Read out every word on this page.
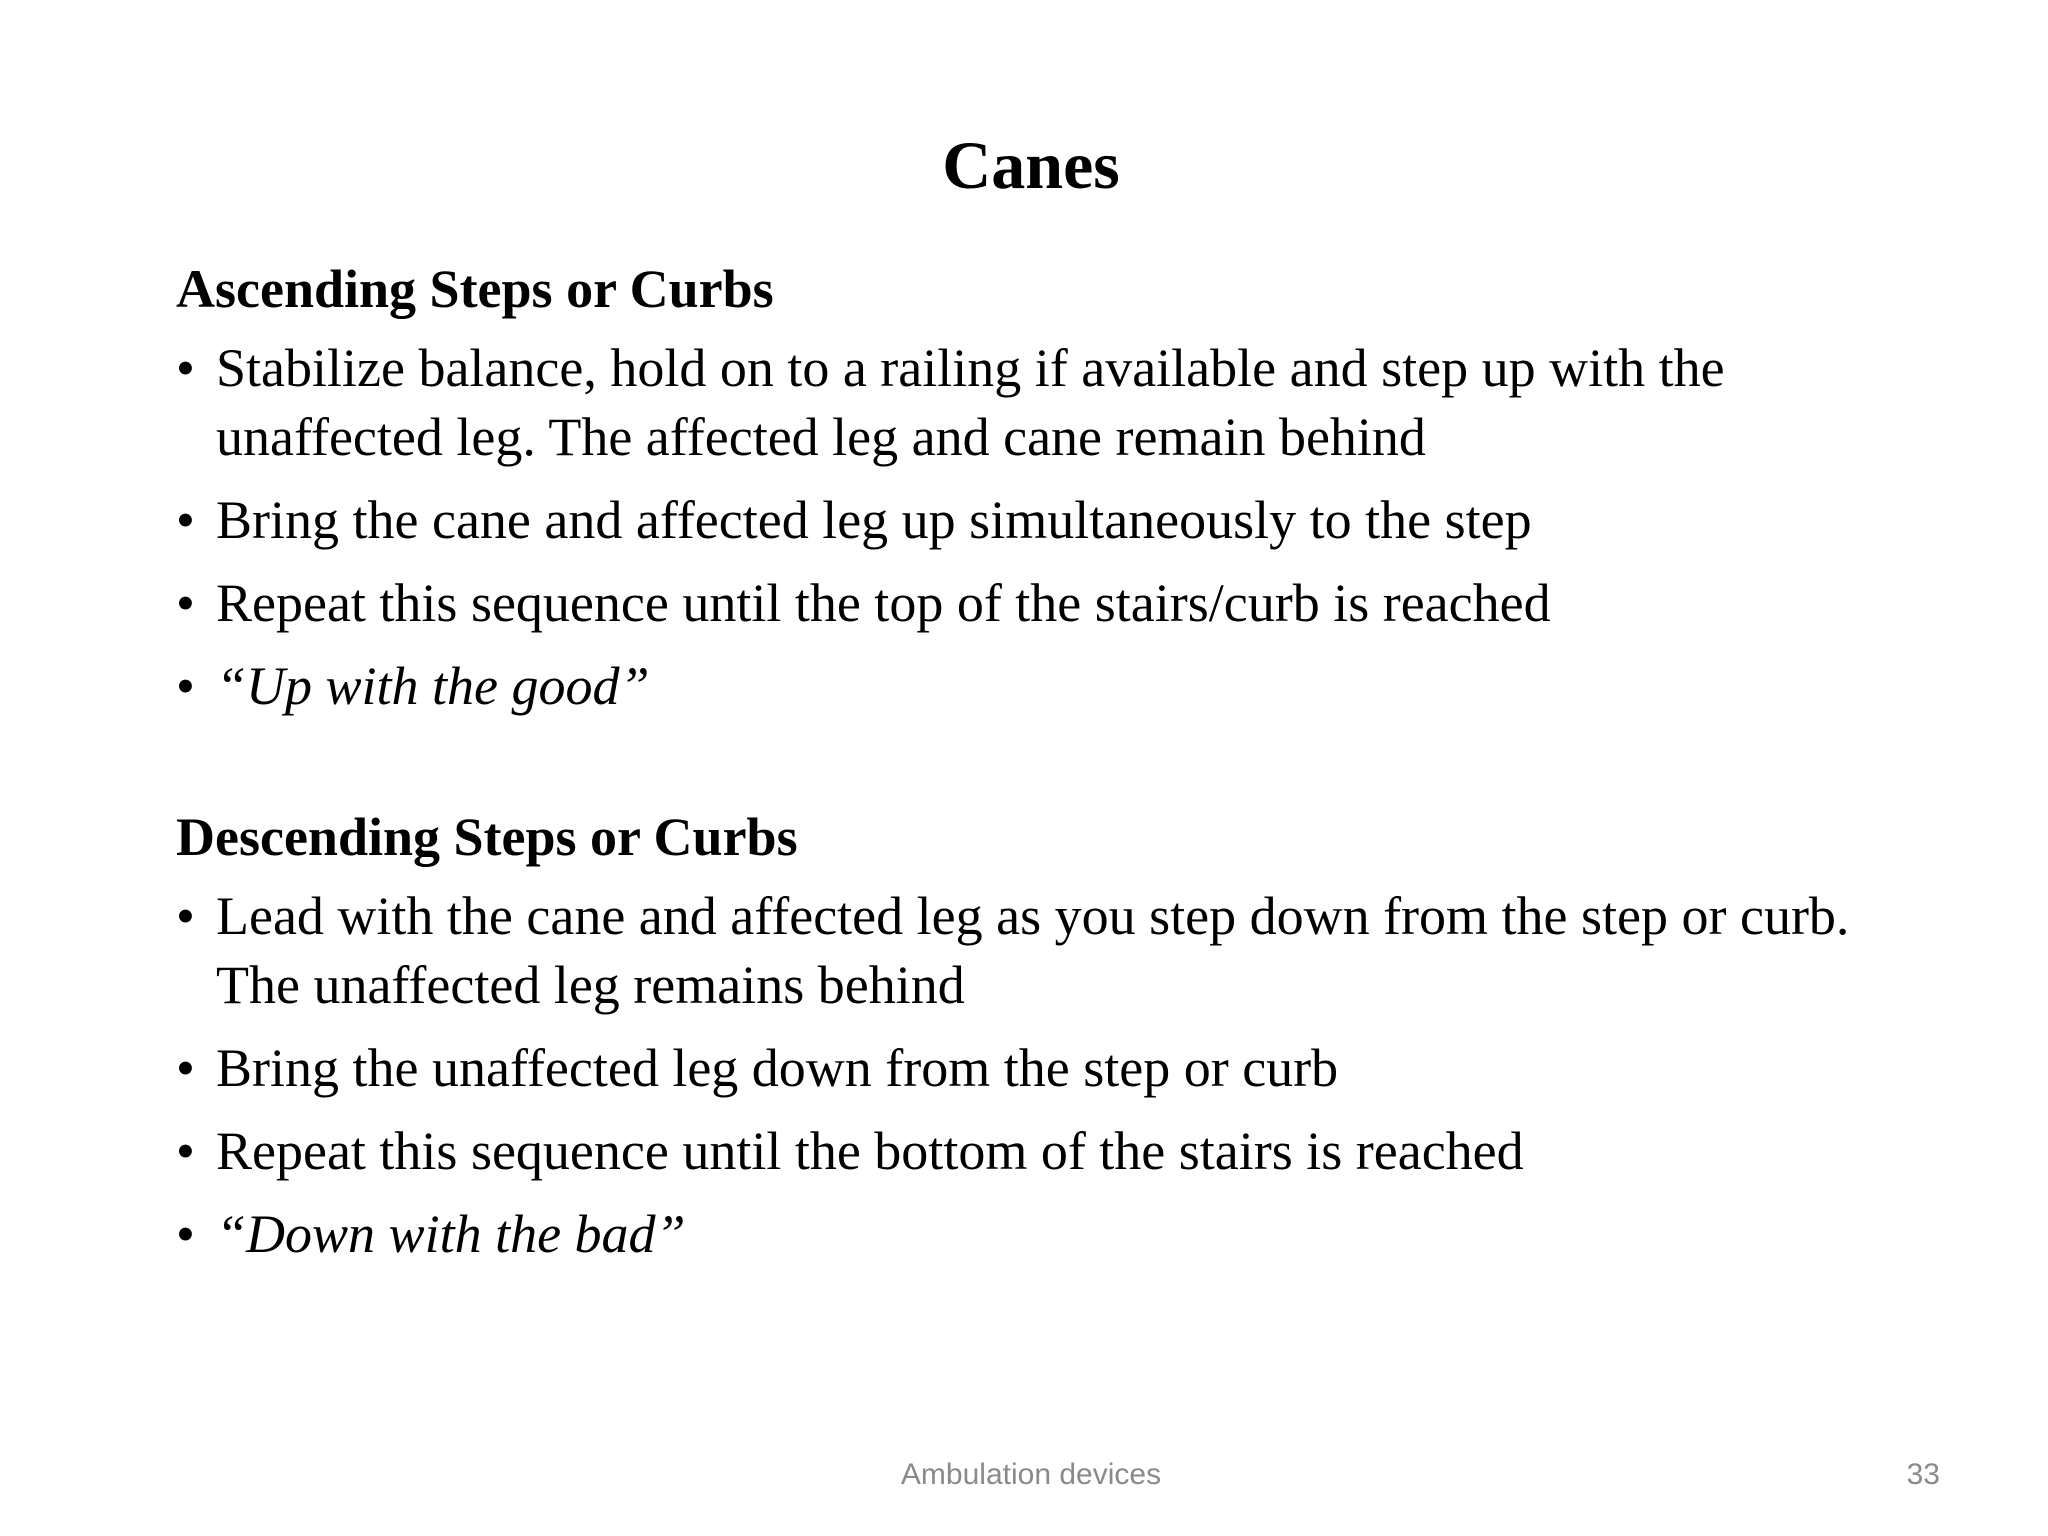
Canes
Ascending Steps or Curbs
• Stabilize balance, hold on to a railing if available and step up with the unaffected leg. The affected leg and cane remain behind
• Bring the cane and affected leg up simultaneously to the step
• Repeat this sequence until the top of the stairs/curb is reached
• “Up with the good”
Descending Steps or Curbs
• Lead with the cane and affected leg as you step down from the step or curb. The unaffected leg remains behind
• Bring the unaffected leg down from the step or curb
• Repeat this sequence until the bottom of the stairs is reached
• “Down with the bad”
Ambulation devices	33
